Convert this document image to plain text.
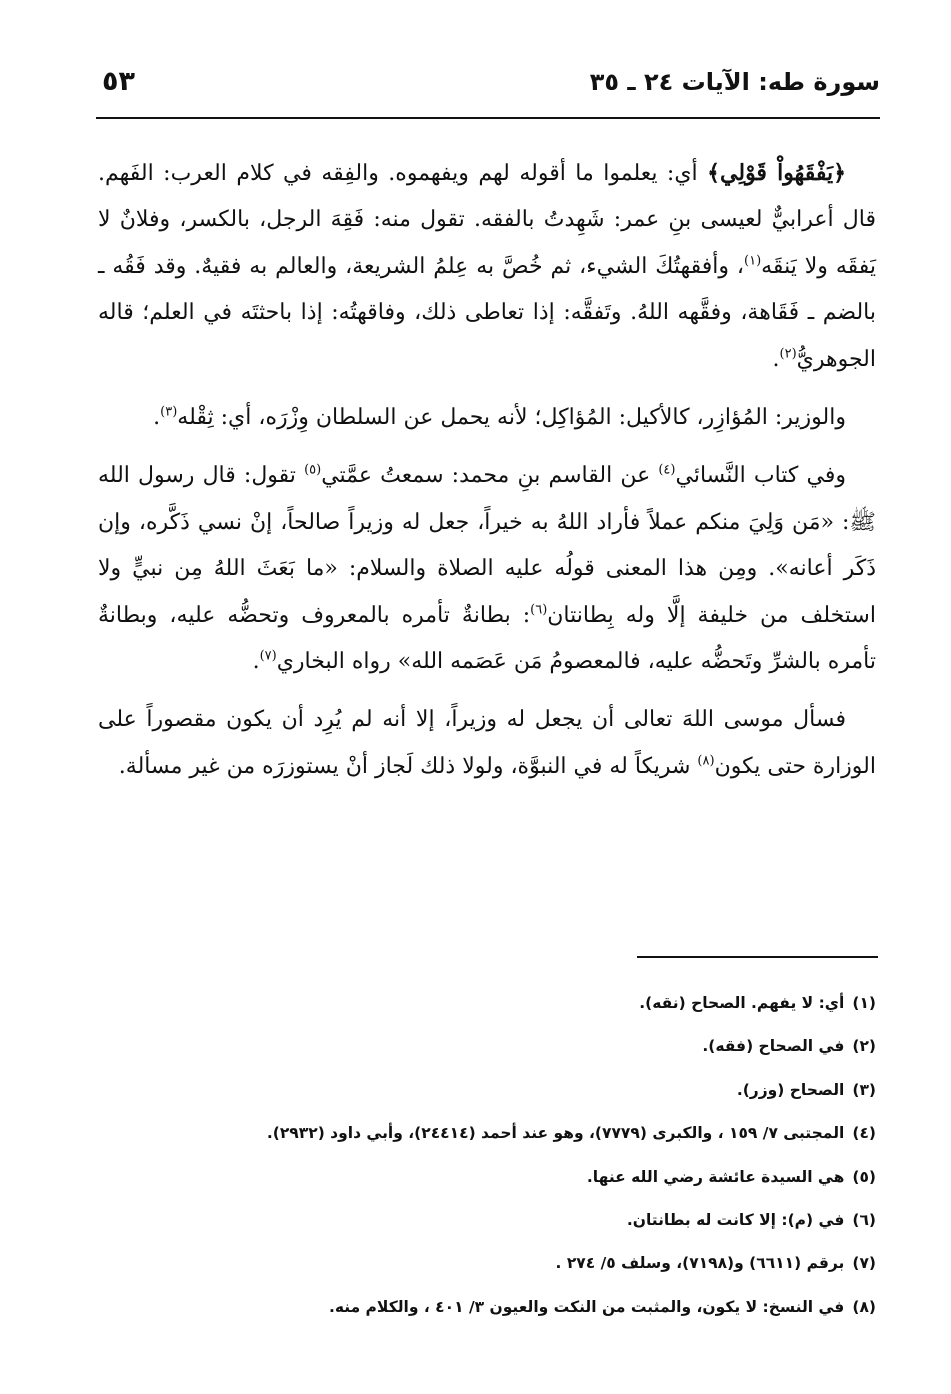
سورة طه: الآيات ٢٤ ـ ٣٥
٥٣

﴿يَفْقَهُواْ قَوْلِي﴾ أي: يعلموا ما أقوله لهم ويفهموه. والفِقه في كلام العرب: الفَهم. قال أعرابيٌّ لعيسى بنِ عمر: شَهِدتُ بالفقه. تقول منه: فَقِهَ الرجل، بالكسر، وفلانٌ لا يَفقَه ولا يَنقَه$^{(١)}$، وأفقهتُكَ الشيء، ثم خُصَّ به عِلمُ الشريعة، والعالم به فقيهٌ. وقد فَقُه ـ بالضم ـ فَقَاهة، وفقَّهه اللهُ. وتَفقَّه: إذا تعاطى ذلك، وفاقهتُه: إذا باحثتَه في العلم؛ قاله الجوهريُّ$^{(٢)}$.

والوزير: المُؤازِر، كالأكيل: المُؤاكِل؛ لأنه يحمل عن السلطان وِزْرَه، أي: ثِقْله$^{(٣)}$.

وفي كتاب النَّسائي$^{(٤)}$ عن القاسم بنِ محمد: سمعتُ عمَّتي$^{(٥)}$ تقول: قال رسول الله ﷺ: «مَن وَلِيَ منكم عملاً فأراد اللهُ به خيراً، جعل له وزيراً صالحاً، إنْ نسي ذَكَّره، وإن ذَكَر أعانه». ومِن هذا المعنى قولُه عليه الصلاة والسلام: «ما بَعَثَ اللهُ مِن نبيٍّ ولا استخلف من خليفة إلَّا وله بِطانتان$^{(٦)}$: بطانةٌ تأمره بالمعروف وتحضُّه عليه، وبطانةٌ تأمره بالشرِّ وتَحضُّه عليه، فالمعصومُ مَن عَصَمه الله» رواه البخاري$^{(٧)}$.

فسأل موسى اللهَ تعالى أن يجعل له وزيراً، إلا أنه لم يُرِد أن يكون مقصوراً على الوزارة حتى يكون$^{(٨)}$ شريكاً له في النبوَّة، ولولا ذلك لَجاز أنْ يستوزرَه من غير مسألة.

(١)أي: لا يفهم. الصحاح (نقه).
(٢)في الصحاح (فقه).
(٣)الصحاح (وزر).
(٤)المجتبى ٧/ ١٥٩ ، والكبرى (٧٧٧٩)، وهو عند أحمد (٢٤٤١٤)، وأبي داود (٢٩٣٢).
(٥)هي السيدة عائشة رضي الله عنها.
(٦)في (م): إلا كانت له بطانتان.
(٧)برقم (٦٦١١) و(٧١٩٨)، وسلف ٥/ ٢٧٤ .
(٨)في النسخ: لا يكون، والمثبت من النكت والعيون ٣/ ٤٠١ ، والكلام منه.
